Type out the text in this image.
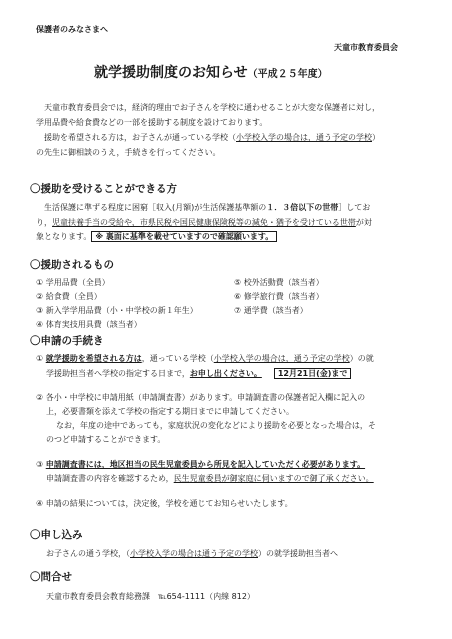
保護者のみなさまへ
天童市教育委員会
就学援助制度のお知らせ（平成２５年度）
天童市教育委員会では，経済的理由でお子さんを学校に通わせることが大変な保護者に対し，
学用品費や給食費などの一部を援助する制度を設けております。
援助を希望される方は，お子さんが通っている学校（小学校入学の場合は，通う予定の学校）
の先生に御相談のうえ，手続きを行ってください。
〇援助を受けることができる方
生活保護に準ずる程度に困窮［収入(月額)が生活保護基準額の１．３倍以下の世帯］してお
り，児童扶養手当の受給や，市県民税や国民健康保険税等の減免・猶予を受けている世帯が対
象となります。 ※ 裏面に基準を載せていますので確認願います。
〇援助されるもの
① 学用品費（全員）
② 給食費（全員）
③ 新入学学用品費（小・中学校の新１年生）
④ 体育実技用具費（該当者）
⑤ 校外活動費（該当者）
⑥ 修学旅行費（該当者）
⑦ 通学費（該当者）
〇申請の手続き
① 就学援助を希望される方は，通っている学校（小学校入学の場合は，通う予定の学校）の就
学援助担当者へ学校の指定する日まで，お申し出ください。 12月21日(金)まで
② 各小・中学校に申請用紙（申請調査書）があります。申請調査書の保護者記入欄に記入の
上，必要書類を添えて学校の指定する期日までに申請してください。
なお，年度の途中であっても，家庭状況の変化などにより援助を必要となった場合は，そ
のつど申請することができます。
③ 申請調査書には，地区担当の民生児童委員から所見を記入していただく必要があります。
申請調査書の内容を確認するため，民生児童委員が御家庭に伺いますので御了承ください。
④ 申請の結果については，決定後，学校を通じてお知らせいたします。
〇申し込み
お子さんの通う学校，（小学校入学の場合は通う予定の学校）の就学援助担当者へ
〇問合せ
天童市教育委員会教育総務課　℡654-1111（内線 812）
